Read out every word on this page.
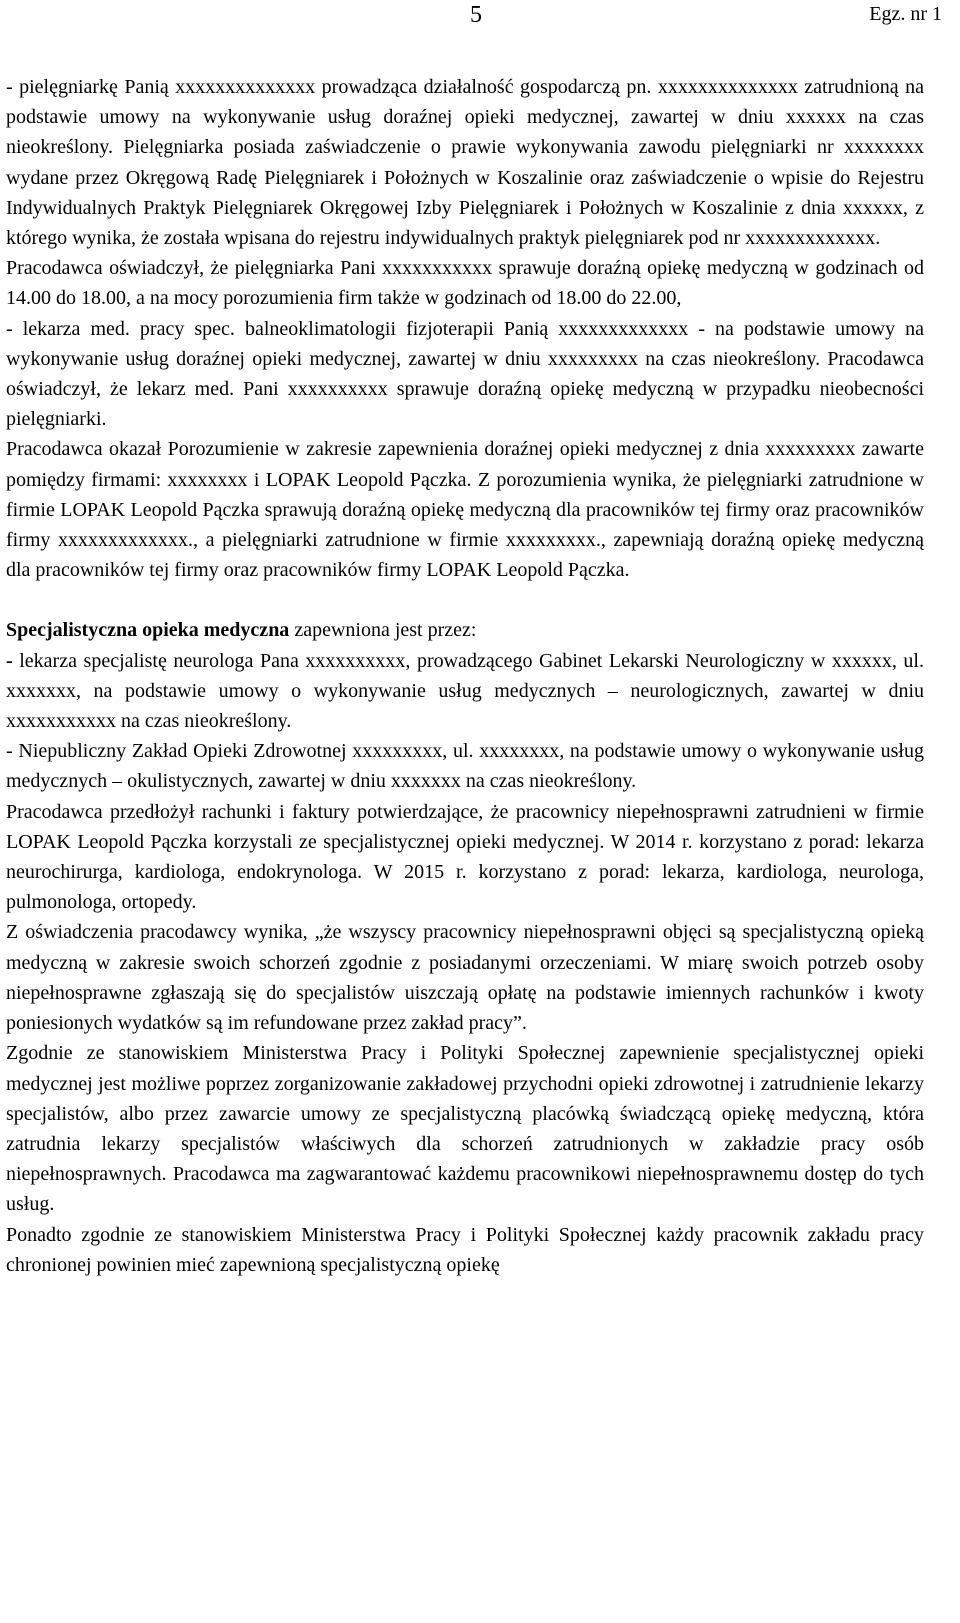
5	Egz. nr 1

- pielęgniarkę Panią xxxxxxxxxxxxxx prowadząca działalność gospodarczą pn. xxxxxxxxxxxxxx zatrudnioną na podstawie umowy na wykonywanie usług doraźnej opieki medycznej, zawartej w dniu xxxxxx na czas nieokreślony. Pielęgniarka posiada zaświadczenie o prawie wykonywania zawodu pielęgniarki nr xxxxxxxx wydane przez Okręgową Radę Pielęgniarek i Położnych w Koszalinie oraz zaświadczenie o wpisie do Rejestru Indywidualnych Praktyk Pielęgniarek Okręgowej Izby Pielęgniarek i Położnych w Koszalinie z dnia xxxxxx, z którego wynika, że została wpisana do rejestru indywidualnych praktyk pielęgniarek pod nr xxxxxxxxxxxxx.

Pracodawca oświadczył, że pielęgniarka Pani xxxxxxxxxxx sprawuje doraźną opiekę medyczną w godzinach od 14.00 do 18.00, a na mocy porozumienia firm także w godzinach od 18.00 do 22.00,

- lekarza med. pracy spec. balneoklimatologii fizjoterapii Panią xxxxxxxxxxxxx - na podstawie umowy na wykonywanie usług doraźnej opieki medycznej, zawartej w dniu xxxxxxxxx na czas nieokreślony. Pracodawca oświadczył, że lekarz med. Pani xxxxxxxxxx sprawuje doraźną opiekę medyczną w przypadku nieobecności pielęgniarki.

Pracodawca okazał Porozumienie w zakresie zapewnienia doraźnej opieki medycznej z dnia xxxxxxxxx zawarte pomiędzy firmami: xxxxxxxx i LOPAK Leopold Pączka. Z porozumienia wynika, że pielęgniarki zatrudnione w firmie LOPAK Leopold Pączka sprawują doraźną opiekę medyczną dla pracowników tej firmy oraz pracowników firmy xxxxxxxxxxxxx., a pielęgniarki zatrudnione w firmie xxxxxxxxx., zapewniają doraźną opiekę medyczną dla pracowników tej firmy oraz pracowników firmy LOPAK Leopold Pączka.

Specjalistyczna opieka medyczna zapewniona jest przez:

- lekarza specjalistę neurologa Pana xxxxxxxxxx, prowadzącego Gabinet Lekarski Neurologiczny w xxxxxx, ul. xxxxxxx, na podstawie umowy o wykonywanie usług medycznych – neurologicznych, zawartej w dniu xxxxxxxxxxx na czas nieokreślony.

- Niepubliczny Zakład Opieki Zdrowotnej xxxxxxxxx, ul. xxxxxxxx, na podstawie umowy o wykonywanie usług medycznych – okulistycznych, zawartej w dniu xxxxxxx na czas nieokreślony.

Pracodawca przedłożył rachunki i faktury potwierdzające, że pracownicy niepełnosprawni zatrudnieni w firmie LOPAK Leopold Pączka korzystali ze specjalistycznej opieki medycznej. W 2014 r. korzystano z porad: lekarza neurochirurga, kardiologa, endokrynologa. W 2015 r. korzystano z porad: lekarza, kardiologa, neurologa, pulmonologa, ortopedy.

Z oświadczenia pracodawcy wynika, „że wszyscy pracownicy niepełnosprawni objęci są specjalistyczną opieką medyczną w zakresie swoich schorzeń zgodnie z posiadanymi orzeczeniami. W miarę swoich potrzeb osoby niepełnosprawne zgłaszają się do specjalistów uiszczają opłatę na podstawie imiennych rachunków i kwoty poniesionych wydatków są im refundowane przez zakład pracy”.

Zgodnie ze stanowiskiem Ministerstwa Pracy i Polityki Społecznej zapewnienie specjalistycznej opieki medycznej jest możliwe poprzez zorganizowanie zakładowej przychodni opieki zdrowotnej i zatrudnienie lekarzy specjalistów, albo przez zawarcie umowy ze specjalistyczną placówką świadczącą opiekę medyczną, która zatrudnia lekarzy specjalistów właściwych dla schorzeń zatrudnionych w zakładzie pracy osób niepełnosprawnych. Pracodawca ma zagwarantować każdemu pracownikowi niepełnosprawnemu dostęp do tych usług.

Ponadto zgodnie ze stanowiskiem Ministerstwa Pracy i Polityki Społecznej każdy pracownik zakładu pracy chronionej powinien mieć zapewnioną specjalistyczną opiekę
